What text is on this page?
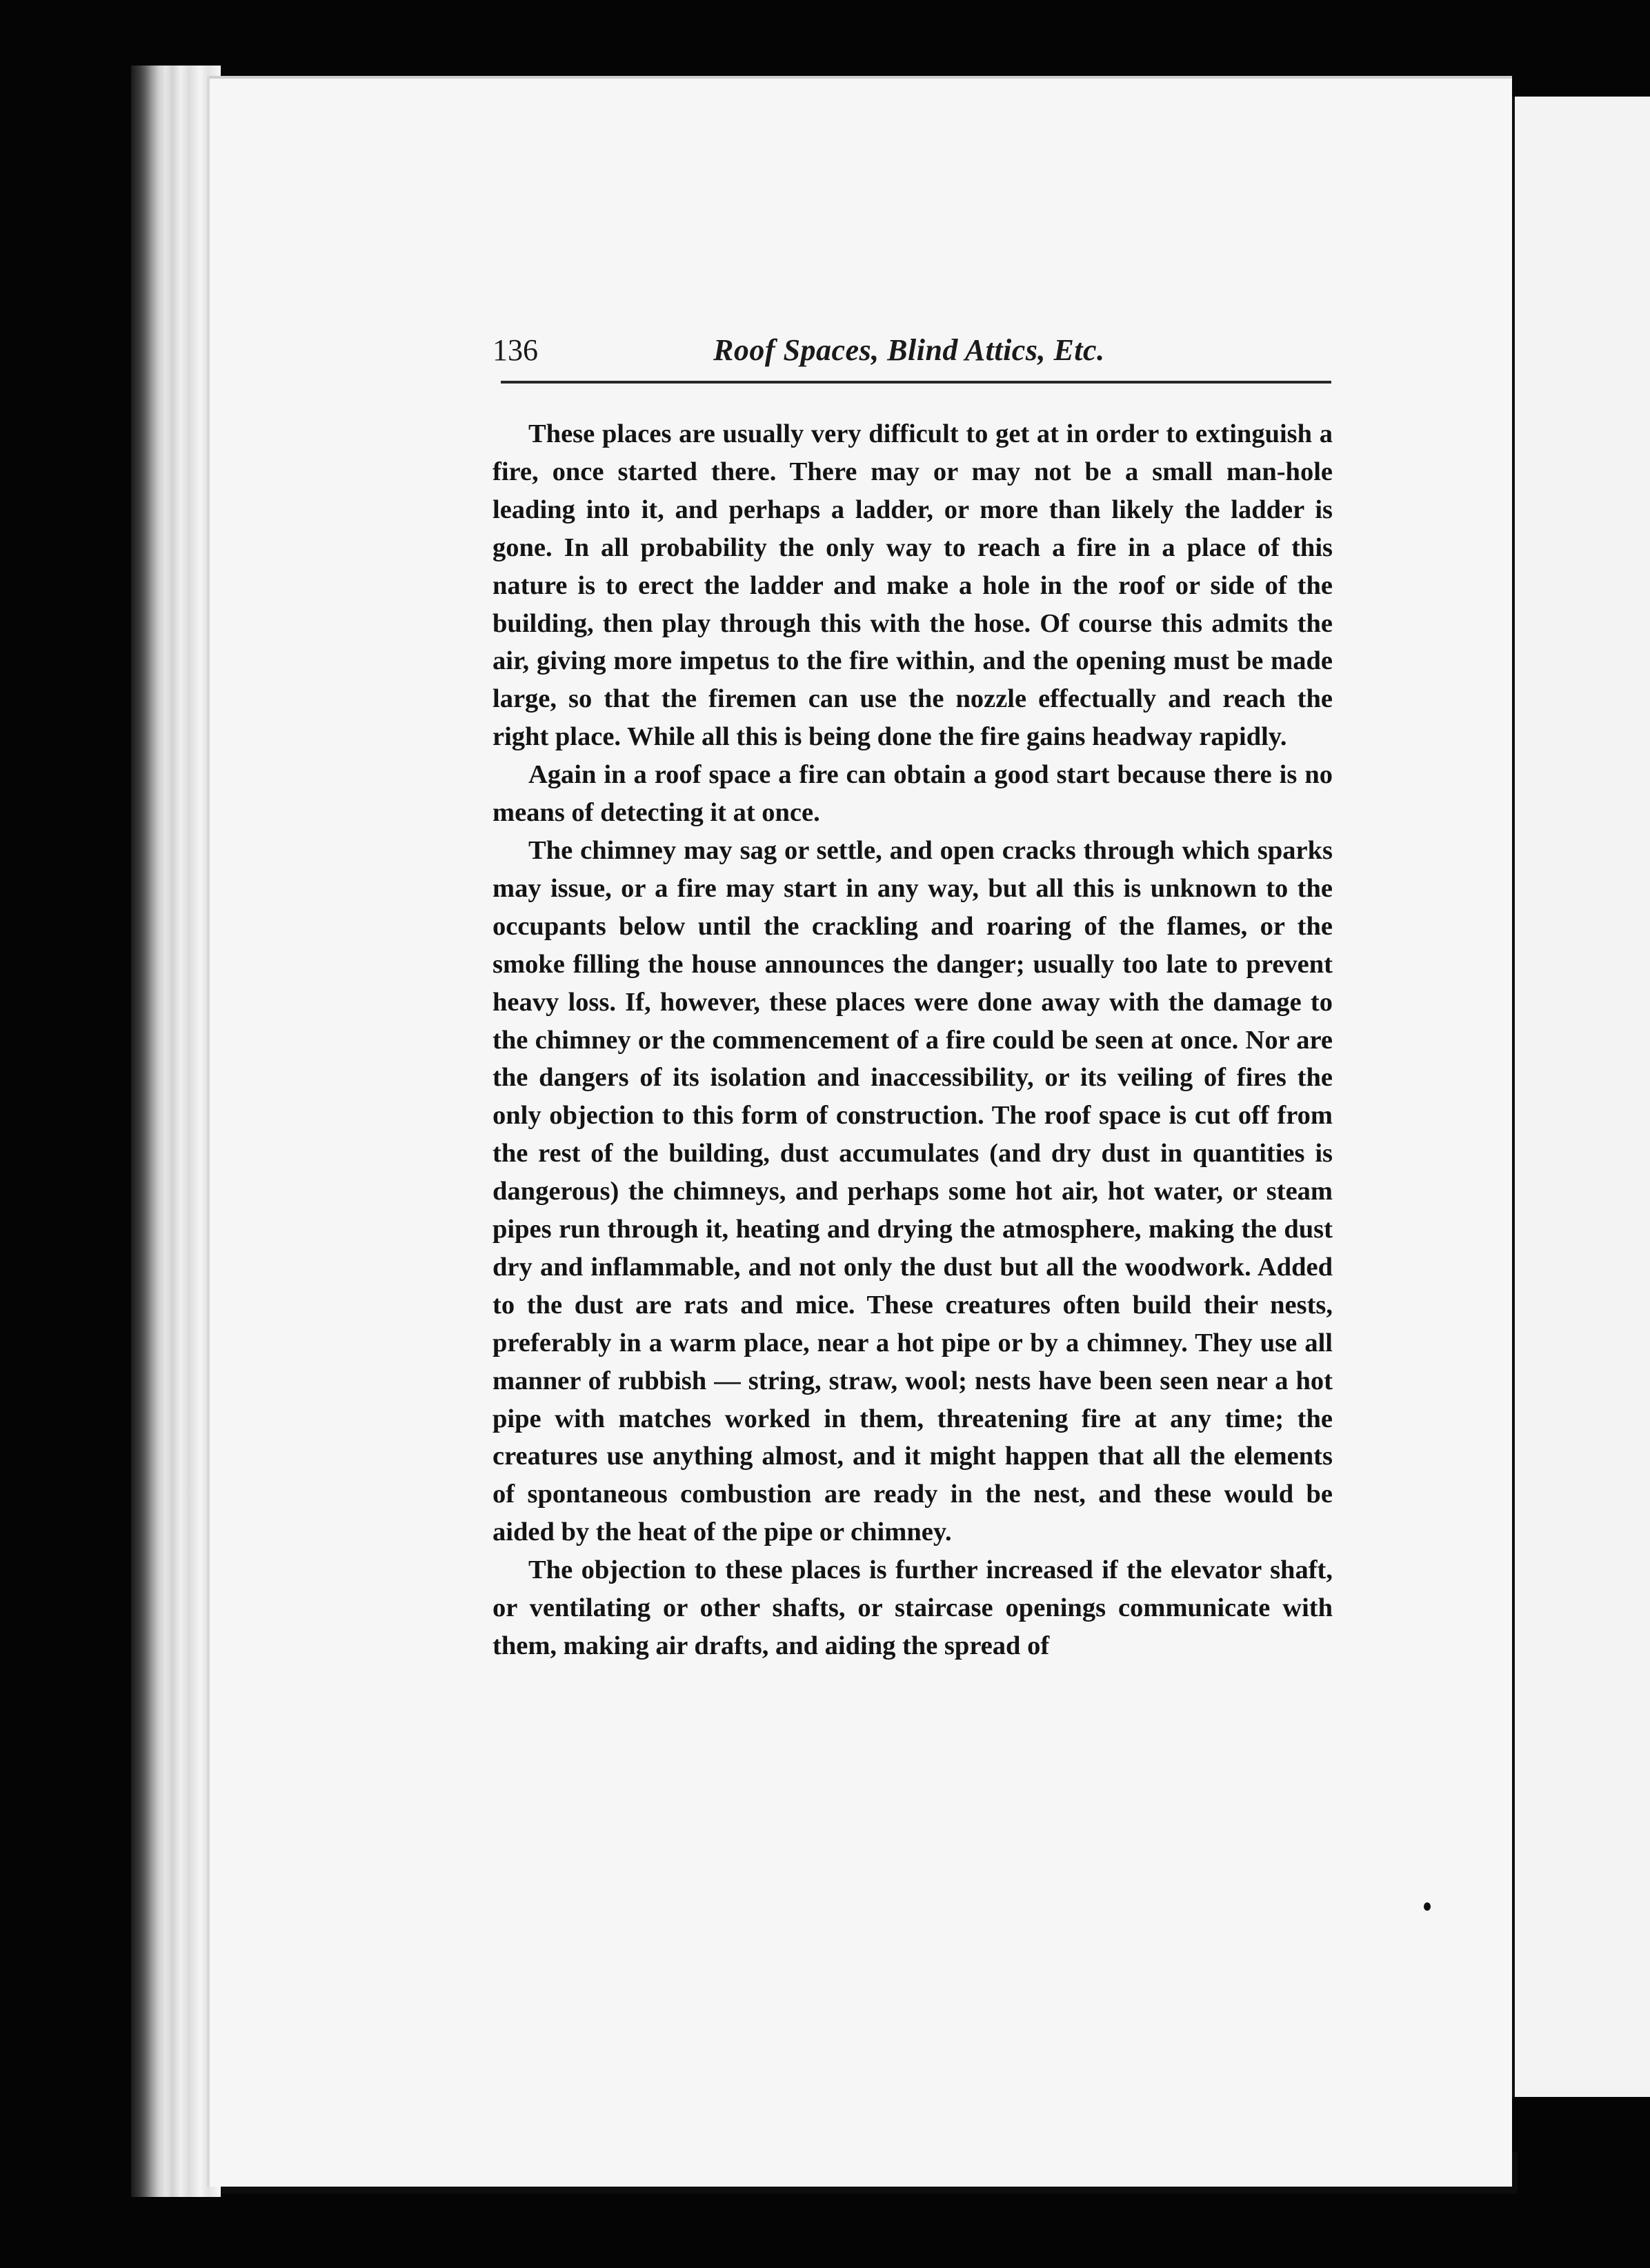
136	Roof Spaces, Blind Attics, Etc.

These places are usually very difficult to get at in order to extinguish a fire, once started there. There may or may not be a small man-hole leading into it, and perhaps a ladder, or more than likely the ladder is gone. In all probability the only way to reach a fire in a place of this nature is to erect the ladder and make a hole in the roof or side of the building, then play through this with the hose. Of course this admits the air, giving more impetus to the fire within, and the opening must be made large, so that the firemen can use the nozzle effectually and reach the right place. While all this is being done the fire gains headway rapidly.

Again in a roof space a fire can obtain a good start because there is no means of detecting it at once.

The chimney may sag or settle, and open cracks through which sparks may issue, or a fire may start in any way, but all this is unknown to the occupants below until the crackling and roaring of the flames, or the smoke filling the house announces the danger; usually too late to prevent heavy loss. If, however, these places were done away with the damage to the chimney or the commencement of a fire could be seen at once. Nor are the dangers of its isolation and inaccessibility, or its veiling of fires the only objection to this form of construction. The roof space is cut off from the rest of the building, dust accumulates (and dry dust in quantities is dangerous) the chimneys, and perhaps some hot air, hot water, or steam pipes run through it, heating and drying the atmosphere, making the dust dry and inflammable, and not only the dust but all the woodwork. Added to the dust are rats and mice. These creatures often build their nests, preferably in a warm place, near a hot pipe or by a chimney. They use all manner of rubbish — string, straw, wool; nests have been seen near a hot pipe with matches worked in them, threatening fire at any time; the creatures use anything almost, and it might happen that all the elements of spontaneous combustion are ready in the nest, and these would be aided by the heat of the pipe or chimney.

The objection to these places is further increased if the elevator shaft, or ventilating or other shafts, or staircase openings communicate with them, making air drafts, and aiding the spread of
